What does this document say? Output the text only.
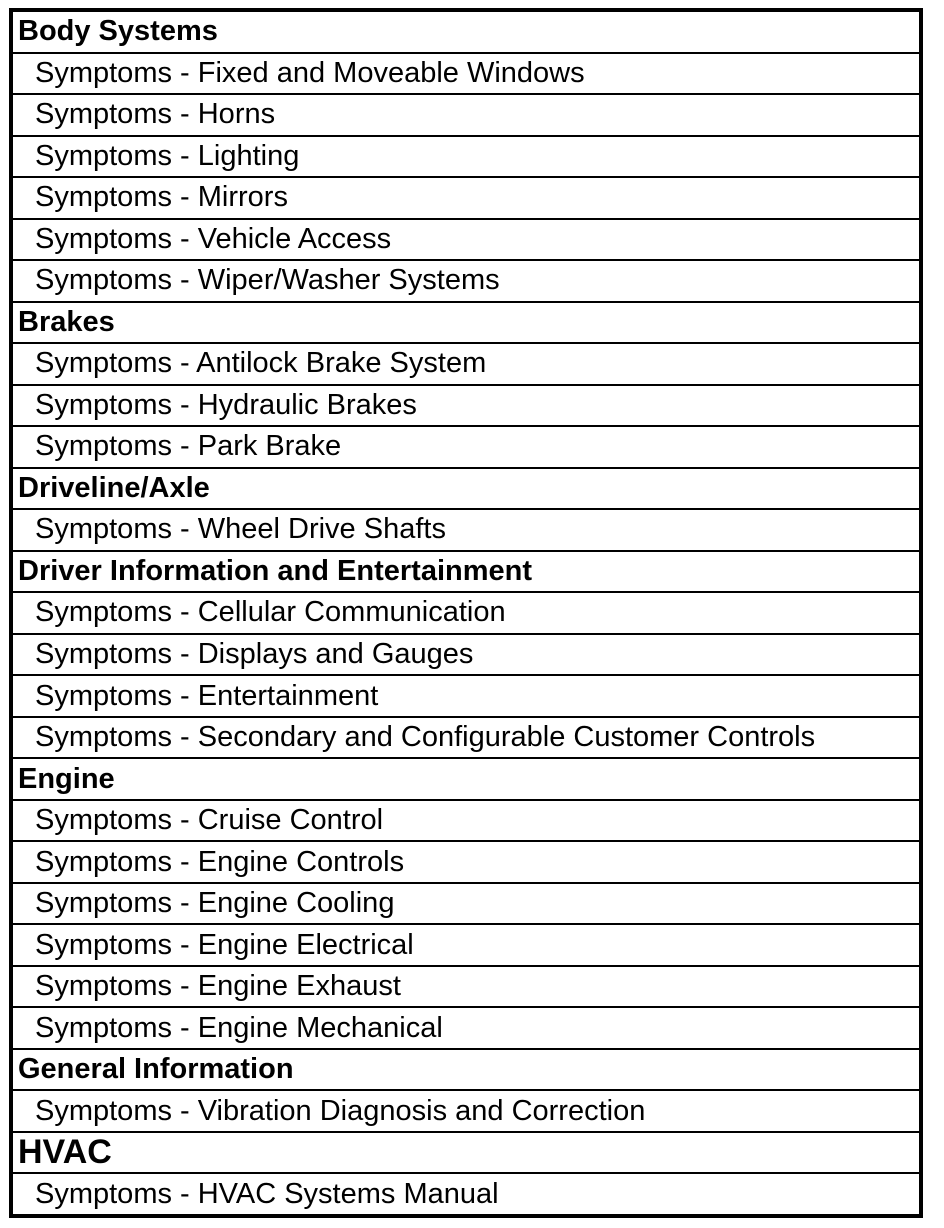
Body Systems
Symptoms - Fixed and Moveable Windows
Symptoms - Horns
Symptoms - Lighting
Symptoms - Mirrors
Symptoms - Vehicle Access
Symptoms - Wiper/Washer Systems
Brakes
Symptoms - Antilock Brake System
Symptoms - Hydraulic Brakes
Symptoms - Park Brake
Driveline/Axle
Symptoms - Wheel Drive Shafts
Driver Information and Entertainment
Symptoms - Cellular Communication
Symptoms - Displays and Gauges
Symptoms - Entertainment
Symptoms - Secondary and Configurable Customer Controls
Engine
Symptoms - Cruise Control
Symptoms - Engine Controls
Symptoms - Engine Cooling
Symptoms - Engine Electrical
Symptoms - Engine Exhaust
Symptoms - Engine Mechanical
General Information
Symptoms - Vibration Diagnosis and Correction
HVAC
Symptoms - HVAC Systems Manual
